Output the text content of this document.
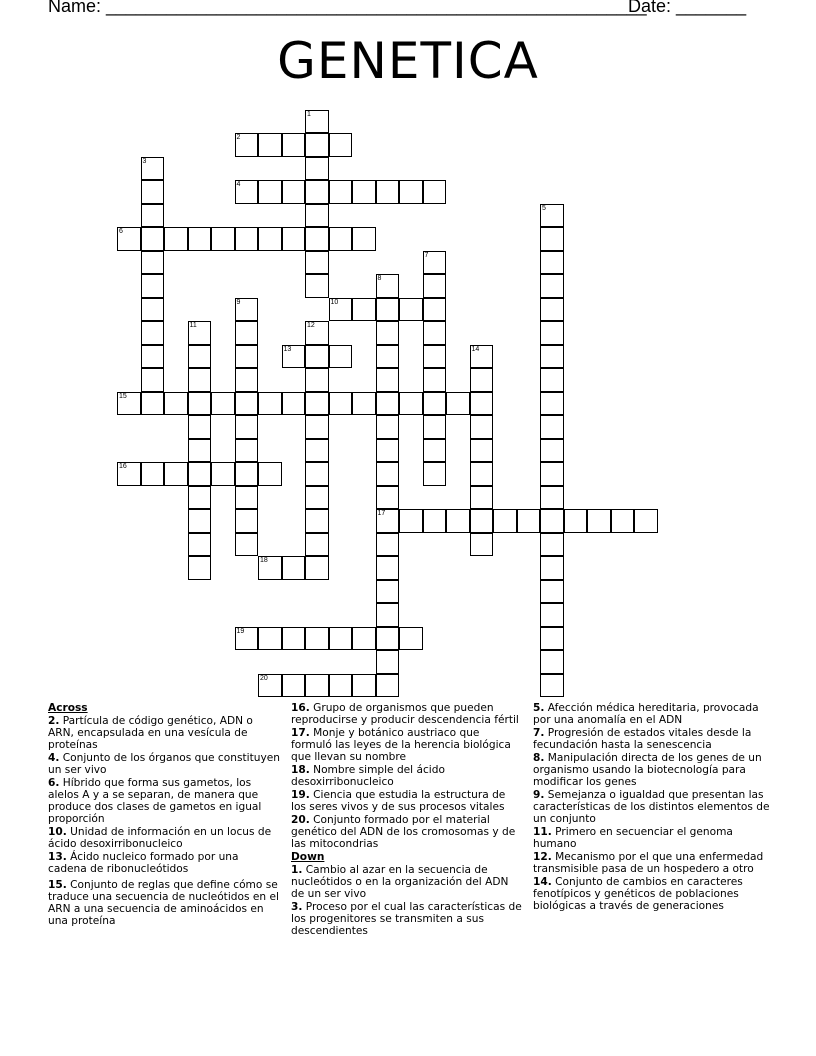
Name: ______________________________________________________
Date: _______
GENETICA
1
2
3
4
5
6
7
8
17
9	10
11	12
13	14
15
16
18
19
20
Across
2. Partícula de código genético, ADN o ARN, encapsulada en una vesícula de proteínas
4. Conjunto de los órganos que constituyen un ser vivo
6. Híbrido que forma sus gametos, los alelos A y a se separan, de manera que produce dos clases de gametos en igual proporción
10. Unidad de información en un locus de ácido desoxirribonucleico
13. Ácido nucleico formado por una cadena de ribonucleótidos
15. Conjunto de reglas que define cómo se traduce una secuencia de nucleótidos en el ARN a una secuencia de aminoácidos en una proteína
16. Grupo de organismos que pueden reproducirse y producir descendencia fértil
17. Monje y botánico austriaco que formuló las leyes de la herencia biológica que llevan su nombre
18. Nombre simple del ácido desoxirribonucleico
19. Ciencia que estudia la estructura de los seres vivos y de sus procesos vitales
20. Conjunto formado por el material genético del ADN de los cromosomas y de las mitocondrias
Down
1. Cambio al azar en la secuencia de nucleótidos o en la organización del ADN de un ser vivo
3. Proceso por el cual las características de los progenitores se transmiten a sus descendientes
5. Afección médica hereditaria, provocada por una anomalía en el ADN
7. Progresión de estados vitales desde la fecundación hasta la senescencia
8. Manipulación directa de los genes de un organismo usando la biotecnología para modificar los genes
9. Semejanza o igualdad que presentan las características de los distintos elementos de un conjunto
11. Primero en secuenciar el genoma humano
12. Mecanismo por el que una enfermedad transmisible pasa de un hospedero a otro
14. Conjunto de cambios en caracteres fenotípicos y genéticos de poblaciones biológicas a través de generaciones
